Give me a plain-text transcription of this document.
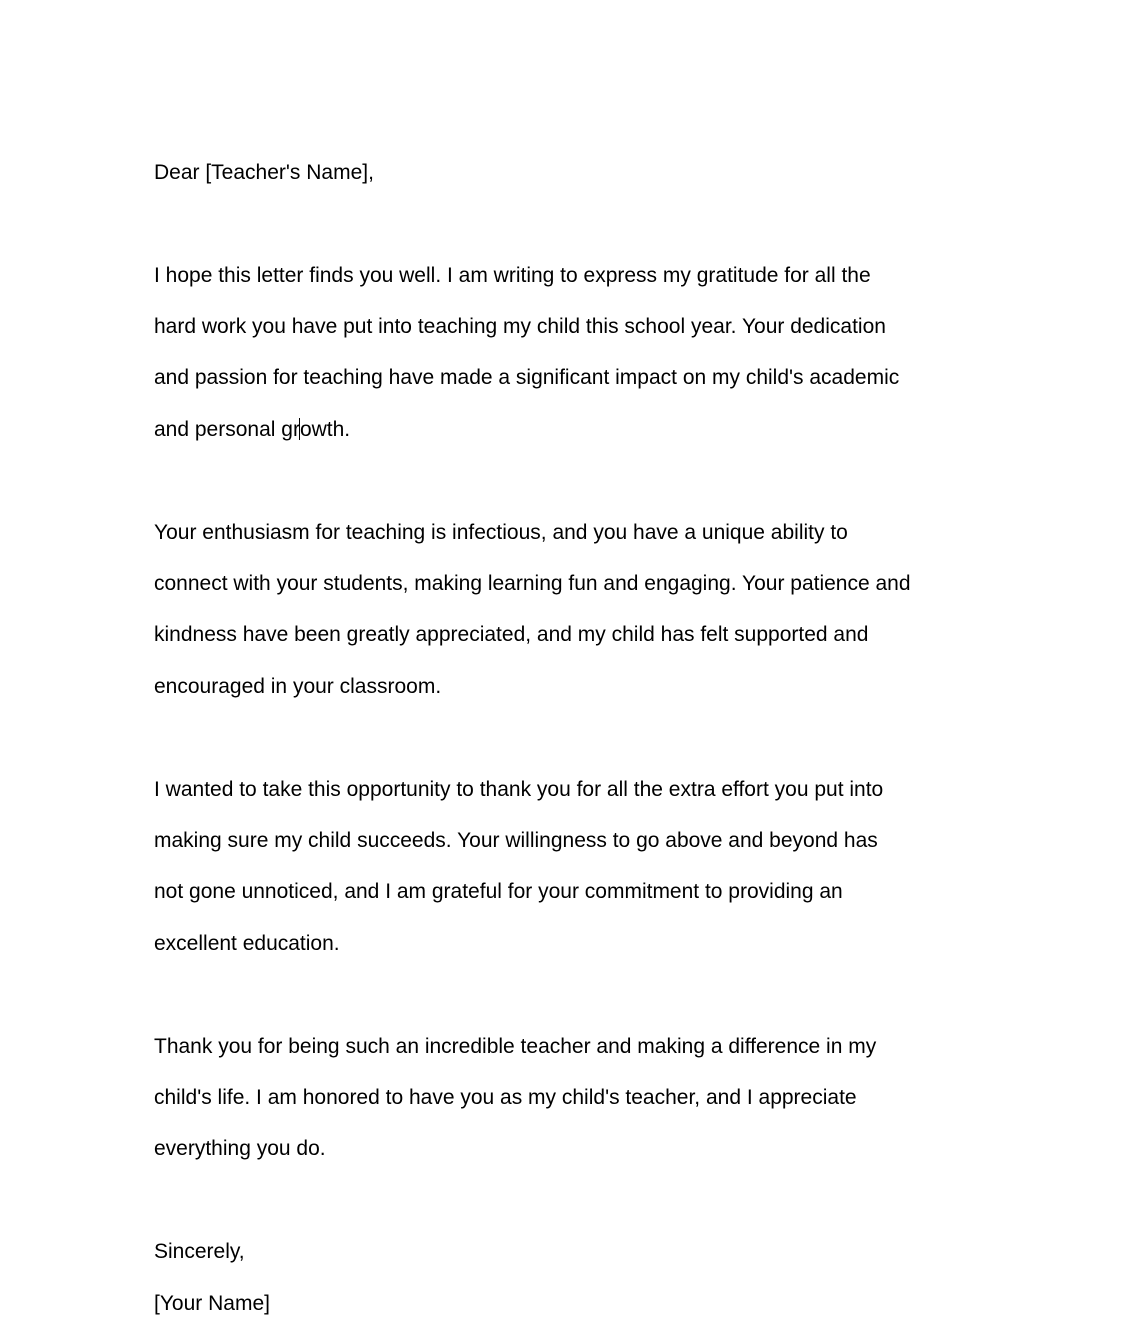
Dear [Teacher's Name],

I hope this letter finds you well. I am writing to express my gratitude for all the

hard work you have put into teaching my child this school year. Your dedication

and passion for teaching have made a significant impact on my child's academic

and personal growth.

Your enthusiasm for teaching is infectious, and you have a unique ability to

connect with your students, making learning fun and engaging. Your patience and

kindness have been greatly appreciated, and my child has felt supported and

encouraged in your classroom.

I wanted to take this opportunity to thank you for all the extra effort you put into

making sure my child succeeds. Your willingness to go above and beyond has

not gone unnoticed, and I am grateful for your commitment to providing an

excellent education.

Thank you for being such an incredible teacher and making a difference in my

child's life. I am honored to have you as my child's teacher, and I appreciate

everything you do.

Sincerely,

[Your Name]
